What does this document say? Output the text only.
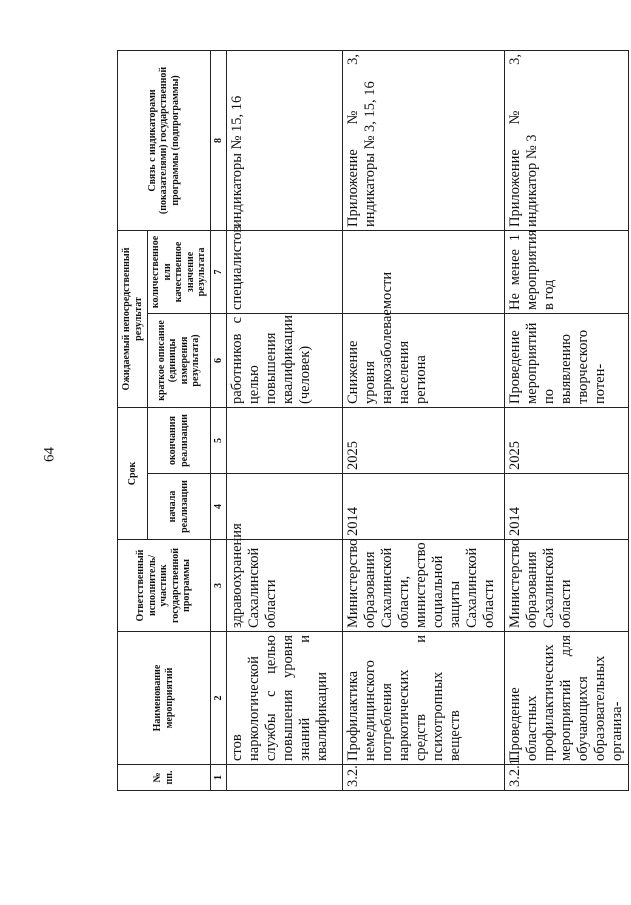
64
№ пп.	Наименование мероприятий	Ответственный исполнитель/ участник государственной программы	Срок		Ожидаемый непосредственный результат		Связь с индикаторами (показателями) государственной программы (подпрограммы)
			начала реализации	окончания реализации	краткое описание (единицы измерения результата)	количественное или качественное значение результата	
1	2	3	4	5	6	7	8
	стов наркологической службы с целью повышения уровня знаний и квалификации	здравоохранения Сахалинской области			работников с целью повышения квалификации (человек)	специалистов	индикаторы № 15, 16
3.2.	Профилактика немедицинского потребления наркотических средств и психотропных веществ	Министерство образования Сахалинской области, министерство социальной защиты Сахалинской области	2014	2025	Снижение уровня наркозаболеваемости населения региона		Приложение № 3, индикаторы № 3, 15, 16
3.2.1.	Проведение областных профилактических мероприятий для обучающихся образовательных организа-	Министерство образования Сахалинской области	2014	2025	Проведение мероприятий по выявлению творческого потен-	Не менее 1 мероприятия в год	Приложение № 3, индикатор № 3
